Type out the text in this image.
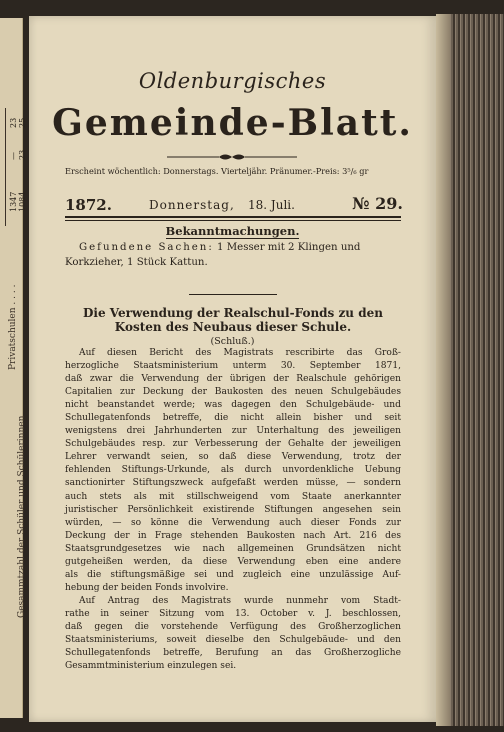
Privatschulen . . . .
Gesammtzahl der Schüler und Schülerinnen
23 25
— 23
1347 1084
Oldenburgisches
Gemeinde-Blatt.
Erscheint wöchentlich: Donnerstags. Vierteljähr. Pränumer.-Preis: 3⁵/₆ gr
1872.	Donnerstag, 18. Juli.	№ 29.
Bekanntmachungen.
Gefundene Sachen: 1 Messer mit 2 Klingen und
Korkzieher, 1 Stück Kattun.
Die Verwendung der Realschul-Fonds zu den
Kosten des Neubaus dieser Schule.
(Schluß.)
Auf diesen Bericht des Magistrats rescribirte das Groß-
herzogliche Staatsministerium unterm 30. September 1871,
daß zwar die Verwendung der übrigen der Realschule gehörigen
Capitalien zur Deckung der Baukosten des neuen Schulgebäudes
nicht beanstandet werde; was dagegen den Schulgebäude- und
Schullegatenfonds betreffe, die nicht allein bisher und seit
wenigstens drei Jahrhunderten zur Unterhaltung des jeweiligen
Schulgebäudes resp. zur Verbesserung der Gehalte der jeweiligen
Lehrer verwandt seien, so daß diese Verwendung, trotz der
fehlenden Stiftungs-Urkunde, als durch unvordenkliche Uebung
sanctionirter Stiftungszweck aufgefaßt werden müsse, — sondern
auch stets als mit stillschweigend vom Staate anerkannter
juristischer Persönlichkeit existirende Stiftungen angesehen sein
würden, — so könne die Verwendung auch dieser Fonds zur
Deckung der in Frage stehenden Baukosten nach Art. 216 des
Staatsgrundgesetzes wie nach allgemeinen Grundsätzen nicht
gutgeheißen werden, da diese Verwendung eben eine andere
als die stiftungsmäßige sei und zugleich eine unzulässige Auf-
hebung der beiden Fonds involvire.
Auf Antrag des Magistrats wurde nunmehr vom Stadt-
rathe in seiner Sitzung vom 13. October v. J. beschlossen,
daß gegen die vorstehende Verfügung des Großherzoglichen
Staatsministeriums, soweit dieselbe den Schulgebäude- und den
Schullegatenfonds betreffe, Berufung an das Großherzogliche
Gesammtministerium einzulegen sei.
